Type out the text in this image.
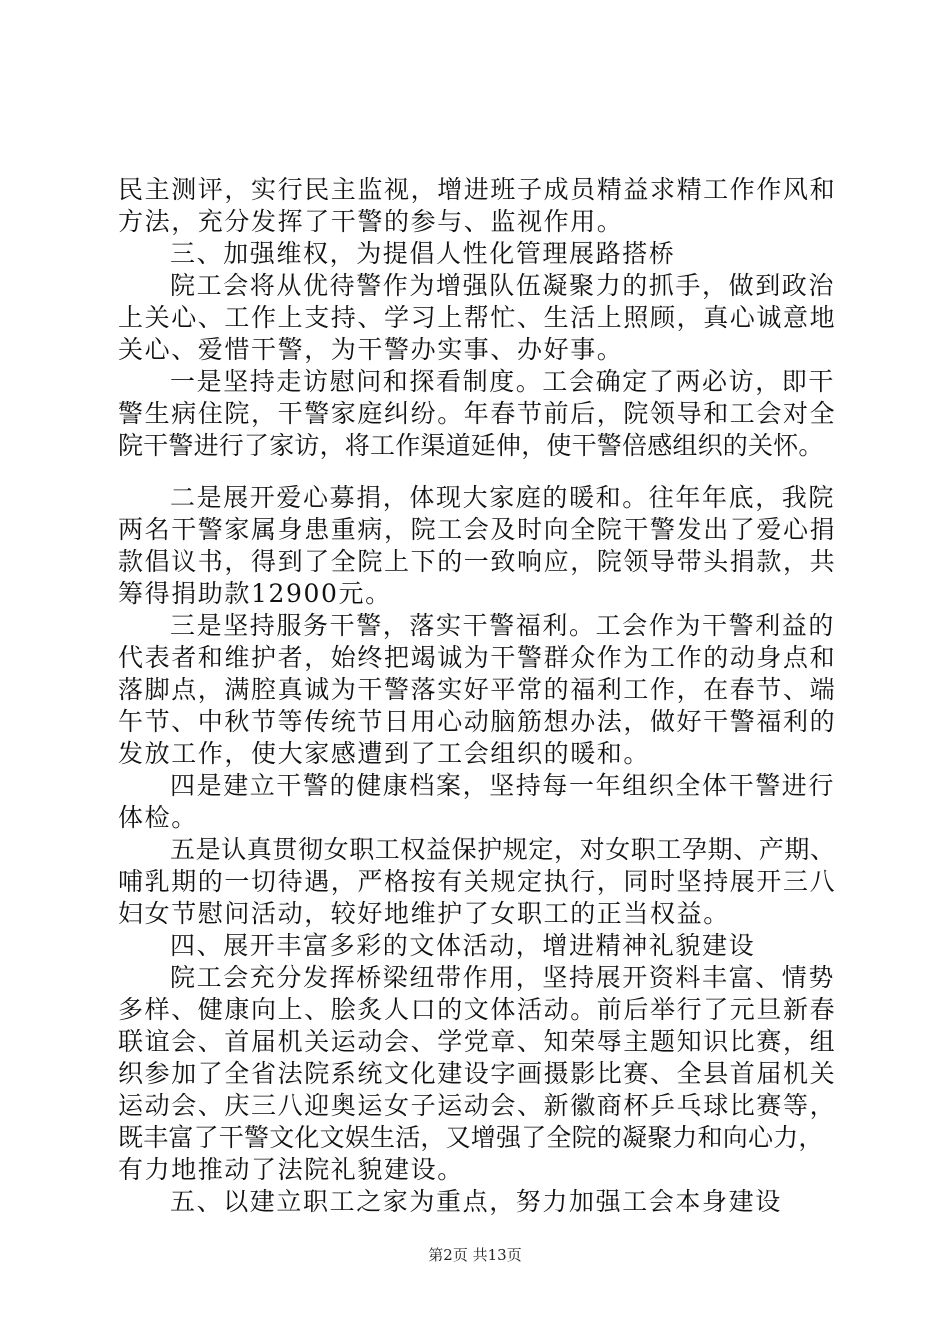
民主测评，实行民主监视，增进班子成员精益求精工作作风和
方法，充分发挥了干警的参与、监视作用。
三、加强维权，为提倡人性化管理展路搭桥
院工会将从优待警作为增强队伍凝聚力的抓手，做到政治
上关心、工作上支持、学习上帮忙、生活上照顾，真心诚意地
关心、爱惜干警，为干警办实事、办好事。
一是坚持走访慰问和探看制度。工会确定了两必访，即干
警生病住院，干警家庭纠纷。年春节前后，院领导和工会对全
院干警进行了家访，将工作渠道延伸，使干警倍感组织的关怀。
二是展开爱心募捐，体现大家庭的暖和。往年年底，我院
两名干警家属身患重病，院工会及时向全院干警发出了爱心捐
款倡议书，得到了全院上下的一致响应，院领导带头捐款，共
筹得捐助款12900元。
三是坚持服务干警，落实干警福利。工会作为干警利益的
代表者和维护者，始终把竭诚为干警群众作为工作的动身点和
落脚点，满腔真诚为干警落实好平常的福利工作，在春节、端
午节、中秋节等传统节日用心动脑筋想办法，做好干警福利的
发放工作，使大家感遭到了工会组织的暖和。
四是建立干警的健康档案，坚持每一年组织全体干警进行
体检。
五是认真贯彻女职工权益保护规定，对女职工孕期、产期、
哺乳期的一切待遇，严格按有关规定执行，同时坚持展开三八
妇女节慰问活动，较好地维护了女职工的正当权益。
四、展开丰富多彩的文体活动，增进精神礼貌建设
院工会充分发挥桥梁纽带作用，坚持展开资料丰富、情势
多样、健康向上、脍炙人口的文体活动。前后举行了元旦新春
联谊会、首届机关运动会、学党章、知荣辱主题知识比赛，组
织参加了全省法院系统文化建设字画摄影比赛、全县首届机关
运动会、庆三八迎奥运女子运动会、新徽商杯乒乓球比赛等，
既丰富了干警文化文娱生活，又增强了全院的凝聚力和向心力，
有力地推动了法院礼貌建设。
五、以建立职工之家为重点，努力加强工会本身建设
第2页 共13页
